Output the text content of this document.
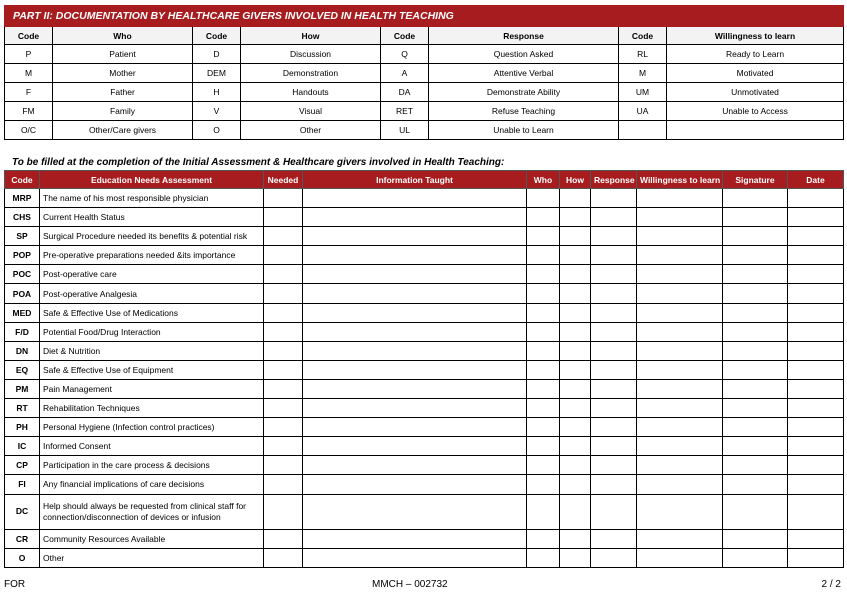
PART II: DOCUMENTATION BY HEALTHCARE GIVERS INVOLVED IN HEALTH TEACHING							
Code	Who	Code	How	Code	Response	Code	Willingness to learn
P	Patient	D	Discussion	Q	Question Asked	RL	Ready to Learn
M	Mother	DEM	Demonstration	A	Attentive Verbal	M	Motivated
F	Father	H	Handouts	DA	Demonstrate Ability	UM	Unmotivated
FM	Family	V	Visual	RET	Refuse Teaching	UA	Unable to Access
O/C	Other/Care givers	O	Other	UL	Unable to Learn		
To be filled at the completion of the Initial Assessment & Healthcare givers involved in Health Teaching:
Code	Education Needs Assessment	Needed	Information Taught	Who	How	Response	Willingness to learn	Signature	Date
MRP	The name of his most responsible physician								
CHS	Current Health Status								
SP	Surgical Procedure needed its benefits & potential risk								
POP	Pre-operative preparations needed &its importance								
POC	Post-operative care								
POA	Post-operative Analgesia								
MED	Safe & Effective Use of Medications								
F/D	Potential Food/Drug Interaction								
DN	Diet & Nutrition								
EQ	Safe & Effective Use of Equipment								
PM	Pain Management								
RT	Rehabilitation Techniques								
PH	Personal Hygiene (Infection control practices)								
IC	Informed Consent								
CP	Participation in the care process & decisions								
FI	Any financial implications of care decisions								
DC	Help should always be requested from clinical staff for connection/disconnection of devices or infusion								
CR	Community Resources Available								
O	Other								
FOR	MMCH – 002732	2 / 2
